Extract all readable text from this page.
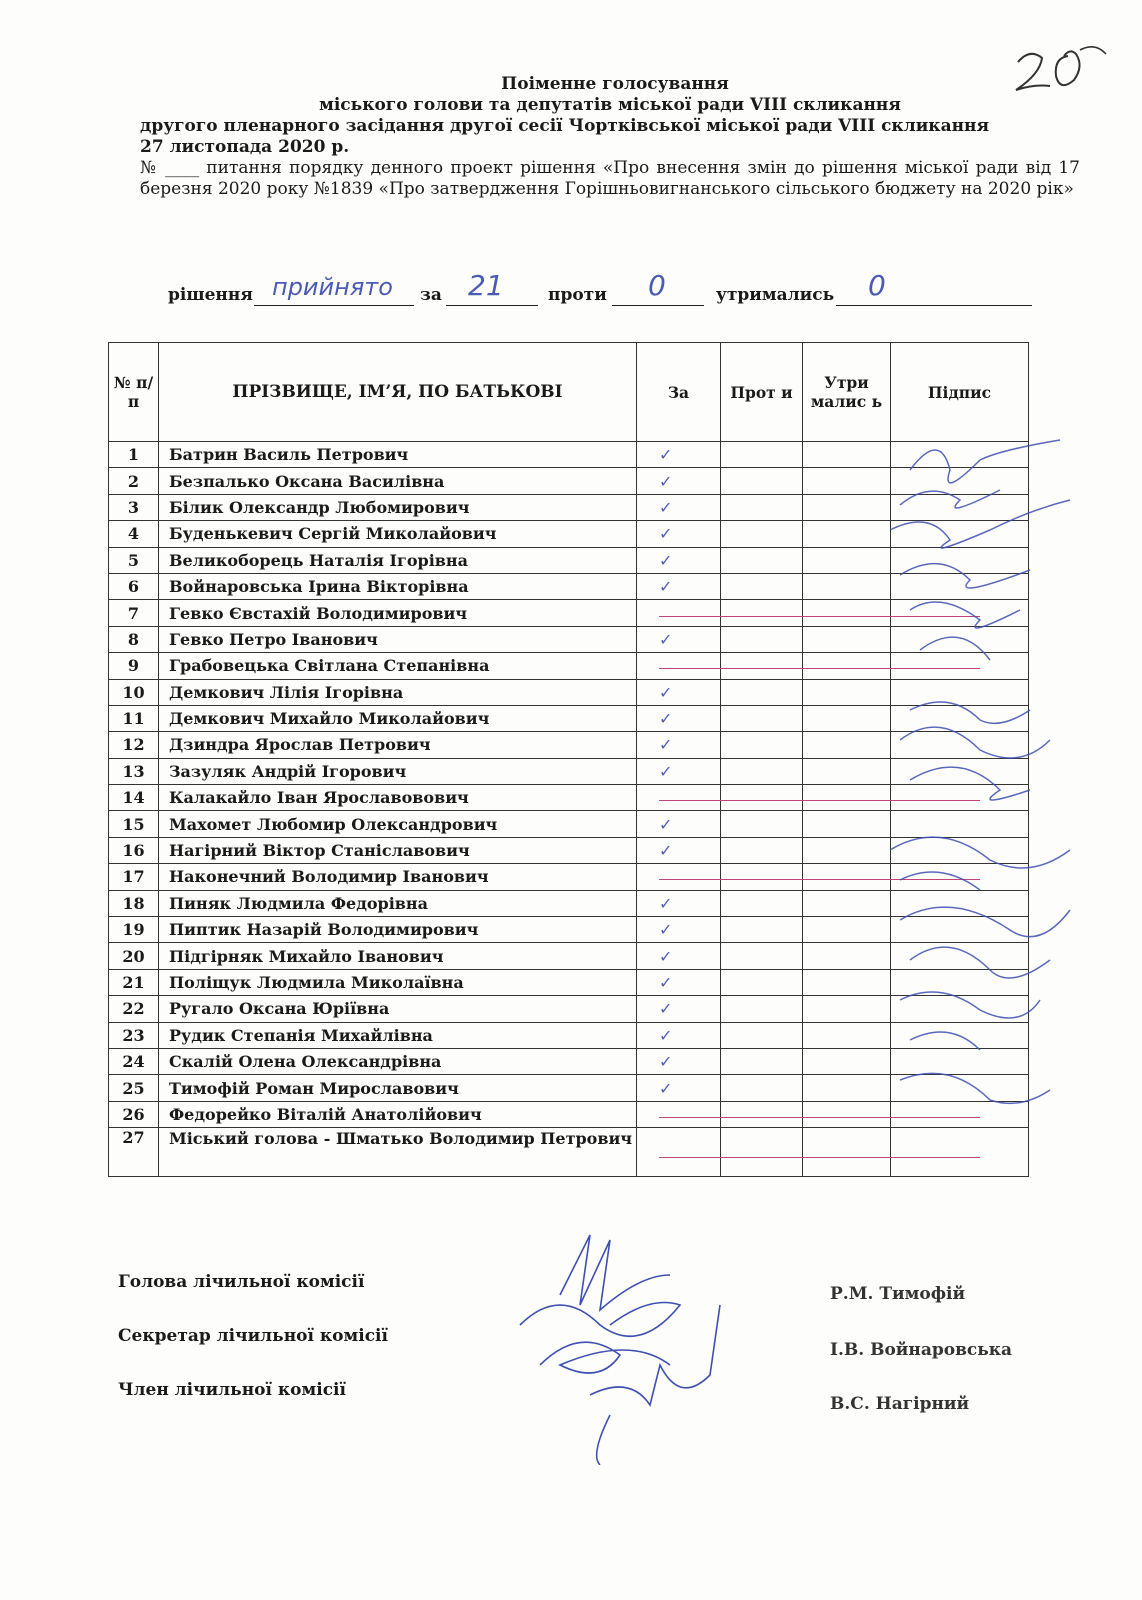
Поіменне голосування
міського голови та депутатів міської ради VIII скликання
другого пленарного засідання другої сесії Чортківської міської ради VIII скликання
27 листопада 2020 р.
№ ____ питання порядку денного проект рішення «Про внесення змін до рішення міської ради від 17 березня 2020 року №1839 «Про затвердження Горішньовигнанського сільського бюджету на 2020 рік»
рішення прийнято за 21	проти 0	утримались 0
№ п/п	ПРІЗВИЩЕ, ІМ’Я, ПО БАТЬКОВІ	За	Прот и	Утри малис ь	Підпис
1	Батрин Василь Петрович	✓			
2	Безпалько Оксана Василівна	✓			
3	Білик Олександр Любомирович	✓			
4	Буденькевич Сергій Миколайович	✓			
5	Великоборець Наталія Ігорівна	✓			
6	Войнаровська Ірина Вікторівна	✓			
7	Гевко Євстахій Володимирович	

8	Гевко Петро Іванович	✓			
9	Грабовецька Світлана Степанівна	

10	Демкович Лілія Ігорівна	✓			
11	Демкович Михайло Миколайович	✓			
12	Дзиндра Ярослав Петрович	✓			
13	Зазуляк Андрій Ігорович	✓			
14	Калакайло Іван Ярославовович	

15	Махомет Любомир Олександрович	✓			
16	Нагірний Віктор Станіславович	✓			
17	Наконечний Володимир Іванович	

18	Пиняк Людмила Федорівна	✓			
19	Пиптик Назарій Володимирович	✓			
20	Підгірняк Михайло Іванович	✓			
21	Поліщук Людмила Миколаївна	✓			
22	Ругало Оксана Юріївна	✓			
23	Рудик Степанія Михайлівна	✓			
24	Скалій Олена Олександрівна	✓			
25	Тимофій Роман Мирославович	✓			
26	Федорейко Віталій Анатолійович	

27	Міський голова - Шматько Володимир Петрович	

Голова лічильної комісії
Секретар лічильної комісії
Член лічильної комісії
Р.М. Тимофій
І.В. Войнаровська
В.С. Нагірний
